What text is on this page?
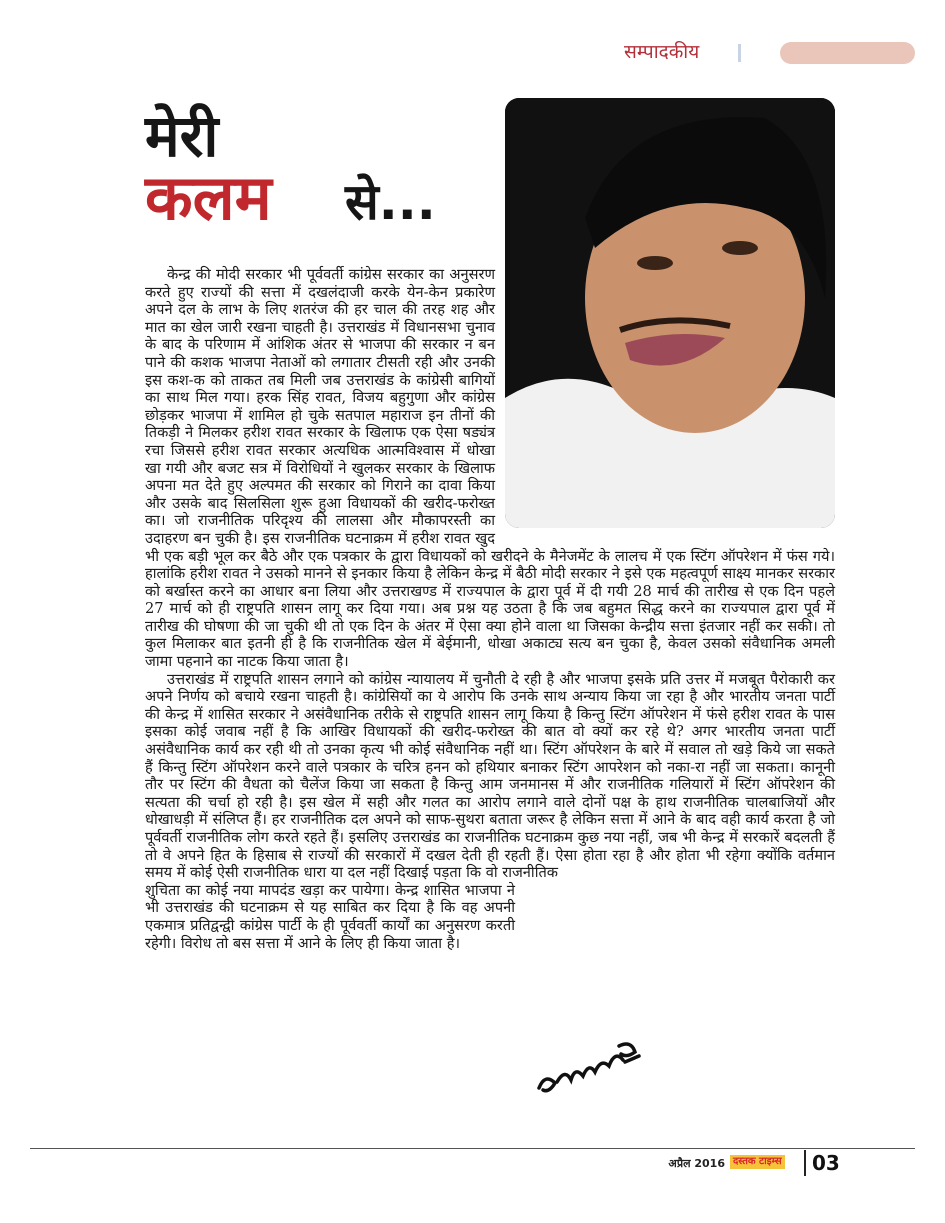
सम्पादकीय
मेरी
कलम से...

केन्द्र की मोदी सरकार भी पूर्ववर्ती कांग्रेस सरकार का अनुसरण करते हुए राज्यों की सत्ता में दखलंदाजी करके येन-केन प्रकारेण अपने दल के लाभ के लिए शतरंज की हर चाल की तरह शह और मात का खेल जारी रखना चाहती है। उत्तराखंड में विधानसभा चुनाव के बाद के परिणाम में आंशिक अंतर से भाजपा की सरकार न बन पाने की कशक भाजपा नेताओं को लगातार टीसती रही और उनकी इस कश-क को ताकत तब मिली जब उत्तराखंड के कांग्रेसी बागियों का साथ मिल गया। हरक सिंह रावत, विजय बहुगुणा और कांग्रेस छोड़कर भाजपा में शामिल हो चुके सतपाल महाराज इन तीनों की तिकड़ी ने मिलकर हरीश रावत सरकार के खिलाफ एक ऐसा षड्यंत्र रचा जिससे हरीश रावत सरकार अत्यधिक आत्मविश्वास में धोखा खा गयी और बजट सत्र में विरोधियों ने खुलकर सरकार के खिलाफ अपना मत देते हुए अल्पमत की सरकार को गिराने का दावा किया और उसके बाद सिलसिला शुरू हुआ विधायकों की खरीद-फरोख्त का। जो राजनीतिक परिदृश्य की लालसा और मौकापरस्ती का उदाहरण बन चुकी है। इस राजनीतिक घटनाक्रम में हरीश रावत खुद भी एक बड़ी भूल कर बैठे और एक पत्रकार के द्वारा विधायकों को खरीदने के मैनेजमेंट के लालच में एक स्टिंग ऑपरेशन में फंस गये। हालांकि हरीश रावत ने उसको मानने से इनकार किया है लेकिन केन्द्र में बैठी मोदी सरकार ने इसे एक महत्वपूर्ण साक्ष्य मानकर सरकार को बर्खास्त करने का आधार बना लिया और उत्तराखण्ड में राज्यपाल के द्वारा पूर्व में दी गयी 28 मार्च की तारीख से एक दिन पहले 27 मार्च को ही राष्ट्रपति शासन लागू कर दिया गया। अब प्रश्न यह उठता है कि जब बहुमत सिद्ध करने का राज्यपाल द्वारा पूर्व में तारीख की घोषणा की जा चुकी थी तो एक दिन के अंतर में ऐसा क्या होने वाला था जिसका केन्द्रीय सत्ता इंतजार नहीं कर सकी। तो कुल मिलाकर बात इतनी ही है कि राजनीतिक खेल में बेईमानी, धोखा अकाट्य सत्य बन चुका है, केवल उसको संवैधानिक अमली जामा पहनाने का नाटक किया जाता है।

उत्तराखंड में राष्ट्रपति शासन लगाने को कांग्रेस न्यायालय में चुनौती दे रही है और भाजपा इसके प्रति उत्तर में मजबूत पैरोकारी कर अपने निर्णय को बचाये रखना चाहती है। कांग्रेसियों का ये आरोप कि उनके साथ अन्याय किया जा रहा है और भारतीय जनता पार्टी की केन्द्र में शासित सरकार ने असंवैधानिक तरीके से राष्ट्रपति शासन लागू किया है किन्तु स्टिंग ऑपरेशन में फंसे हरीश रावत के पास इसका कोई जवाब नहीं है कि आखिर विधायकों की खरीद-फरोख्त की बात वो क्यों कर रहे थे? अगर भारतीय जनता पार्टी असंवैधानिक कार्य कर रही थी तो उनका कृत्य भी कोई संवैधानिक नहीं था। स्टिंग ऑपरेशन के बारे में सवाल तो खड़े किये जा सकते हैं किन्तु स्टिंग ऑपरेशन करने वाले पत्रकार के चरित्र हनन को हथियार बनाकर स्टिंग आपरेशन को नका-रा नहीं जा सकता। कानूनी तौर पर स्टिंग की वैधता को चैलेंज किया जा सकता है किन्तु आम जनमानस में और राजनीतिक गलियारों में स्टिंग ऑपरेशन की सत्यता की चर्चा हो रही है। इस खेल में सही और गलत का आरोप लगाने वाले दोनों पक्ष के हाथ राजनीतिक चालबाजियों और धोखाधड़ी में संलिप्त हैं। हर राजनीतिक दल अपने को साफ-सुथरा बताता जरूर है लेकिन सत्ता में आने के बाद वही कार्य करता है जो पूर्ववर्ती राजनीतिक लोग करते रहते हैं। इसलिए उत्तराखंड का राजनीतिक घटनाक्रम कुछ नया नहीं, जब भी केन्द्र में सरकारें बदलती हैं तो वे अपने हित के हिसाब से राज्यों की सरकारों में दखल देती ही रहती हैं। ऐसा होता रहा है और होता भी रहेगा क्योंकि वर्तमान समय में कोई ऐसी राजनीतिक धारा या दल नहीं दिखाई पड़ता कि वो राजनीतिक

शुचिता का कोई नया मापदंड खड़ा कर पायेगा। केन्द्र शासित भाजपा ने भी उत्तराखंड की घटनाक्रम से यह साबित कर दिया है कि वह अपनी एकमात्र प्रतिद्वन्द्वी कांग्रेस पार्टी के ही पूर्ववर्ती कार्यों का अनुसरण करती रहेगी। विरोध तो बस सत्ता में आने के लिए ही किया जाता है।

अप्रैल 2016 दस्तक टाइम्स 03
